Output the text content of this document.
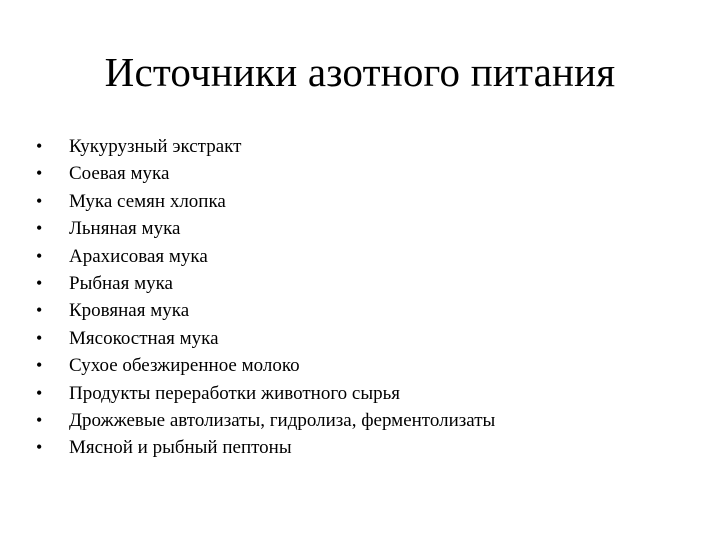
Источники азотного питания
•	Кукурузный экстракт
•	Соевая мука
•	Мука семян хлопка
•	Льняная мука
•	Арахисовая мука
•	Рыбная мука
•	Кровяная мука
•	Мясокостная мука
•	Сухое обезжиренное молоко
•	Продукты переработки животного сырья
•	Дрожжевые автолизаты, гидролиза, ферментолизаты
•	Мясной и рыбный пептоны
